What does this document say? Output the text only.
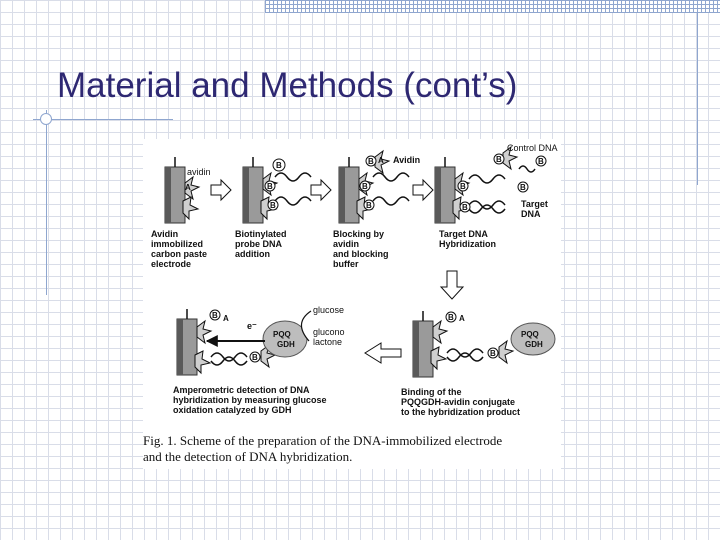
Material and Methods (cont’s)
A
avidin
Avidin
immobilized
carbon paste
electrode
B
B
B
Biotinylated
probe DNA
addition
B A
B
B
Avidin
Blocking by
avidin
and blocking
buffer
B	B
B
B
B
Control DNA
Target
DNA
Target DNA
Hybridization
B A
B
PQQ
GDH
Binding of the
PQQGDH-avidin conjugate
to the hybridization product
B A
B
PQQ
GDH
e⁻
glucose
glucono
lactone
Amperometric detection of DNA
hybridization by measuring glucose
oxidation catalyzed by GDH

Fig. 1. Scheme of the preparation of the DNA-immobilized electrode
and the detection of DNA hybridization.
